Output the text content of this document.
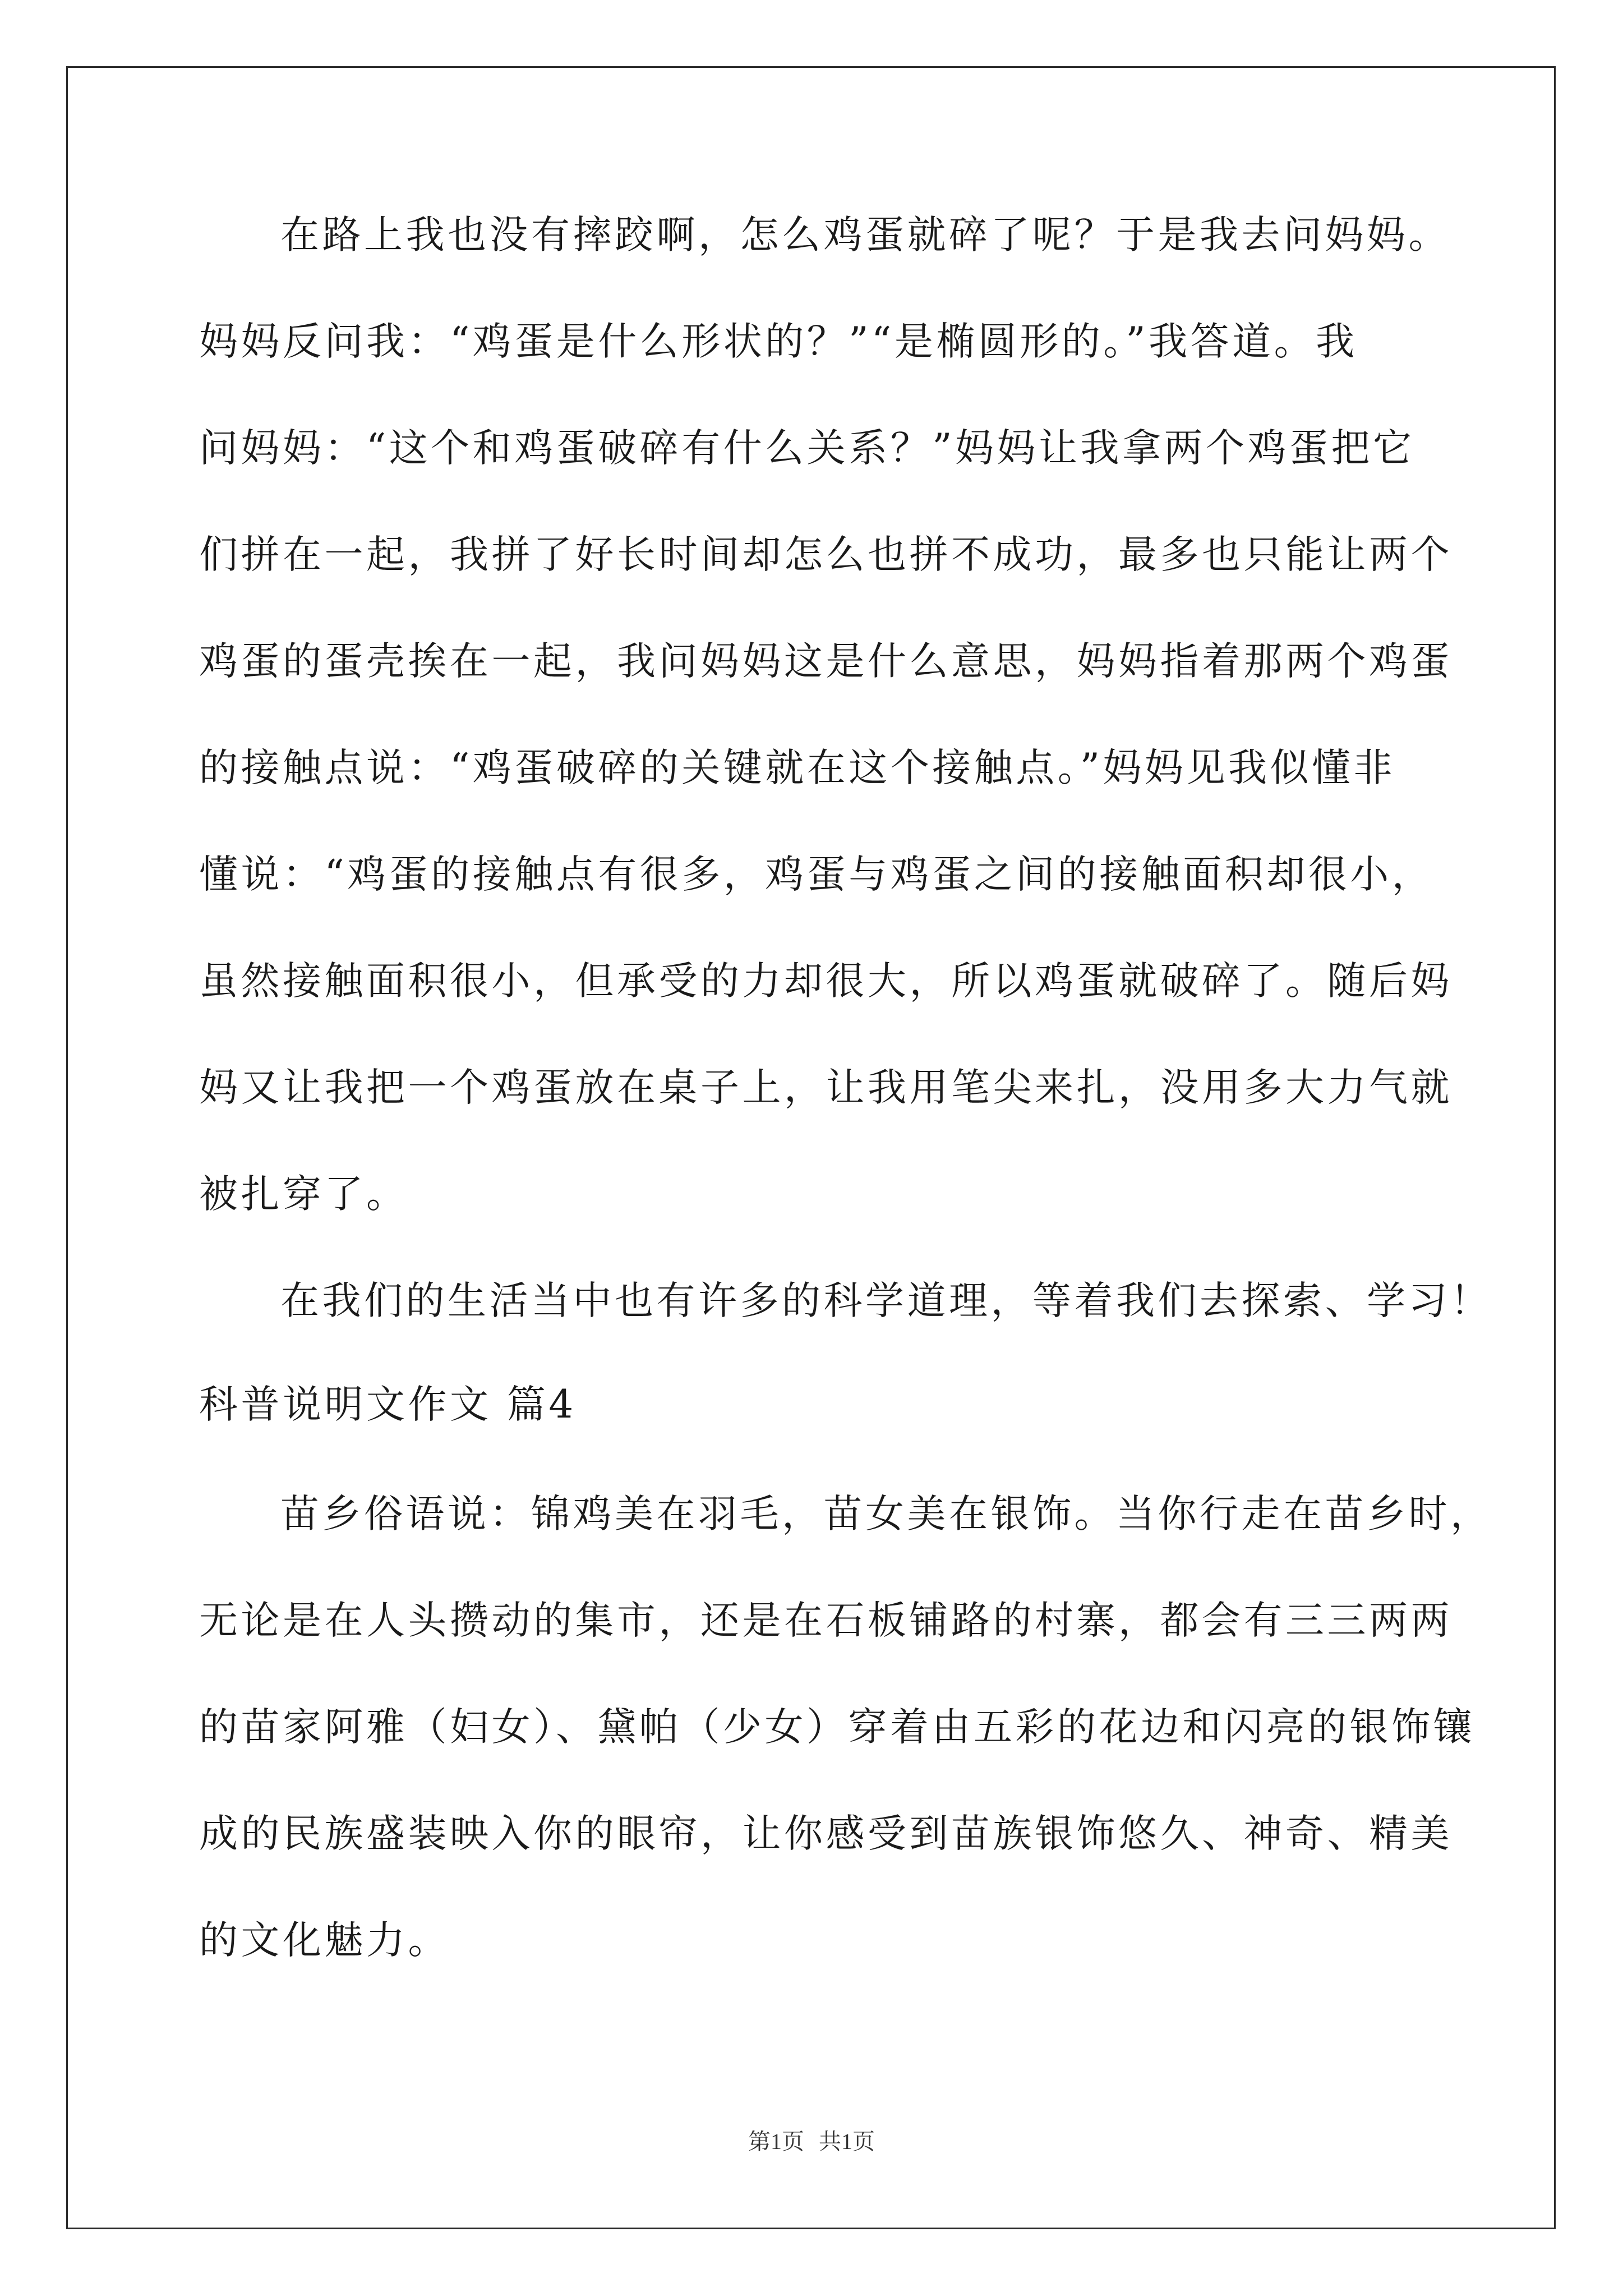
在路上我也没有摔跤啊，怎么鸡蛋就碎了呢？于是我去问妈妈。
妈妈反问我：“鸡蛋是什么形状的？”“是椭圆形的。”我答道。我
问妈妈：“这个和鸡蛋破碎有什么关系？”妈妈让我拿两个鸡蛋把它
们拼在一起，我拼了好长时间却怎么也拼不成功，最多也只能让两个
鸡蛋的蛋壳挨在一起，我问妈妈这是什么意思，妈妈指着那两个鸡蛋
的接触点说：“鸡蛋破碎的关键就在这个接触点。”妈妈见我似懂非
懂说：“鸡蛋的接触点有很多，鸡蛋与鸡蛋之间的接触面积却很小，
虽然接触面积很小，但承受的力却很大，所以鸡蛋就破碎了。随后妈
妈又让我把一个鸡蛋放在桌子上，让我用笔尖来扎，没用多大力气就
被扎穿了。
在我们的生活当中也有许多的科学道理，等着我们去探索、学习！
科普说明文作文 篇4
苗乡俗语说：锦鸡美在羽毛，苗女美在银饰。当你行走在苗乡时，
无论是在人头攒动的集市，还是在石板铺路的村寨，都会有三三两两
的苗家阿雅（妇女）、黛帕（少女）穿着由五彩的花边和闪亮的银饰镶
成的民族盛装映入你的眼帘，让你感受到苗族银饰悠久、神奇、精美
的文化魅力。
第1页 共1页
